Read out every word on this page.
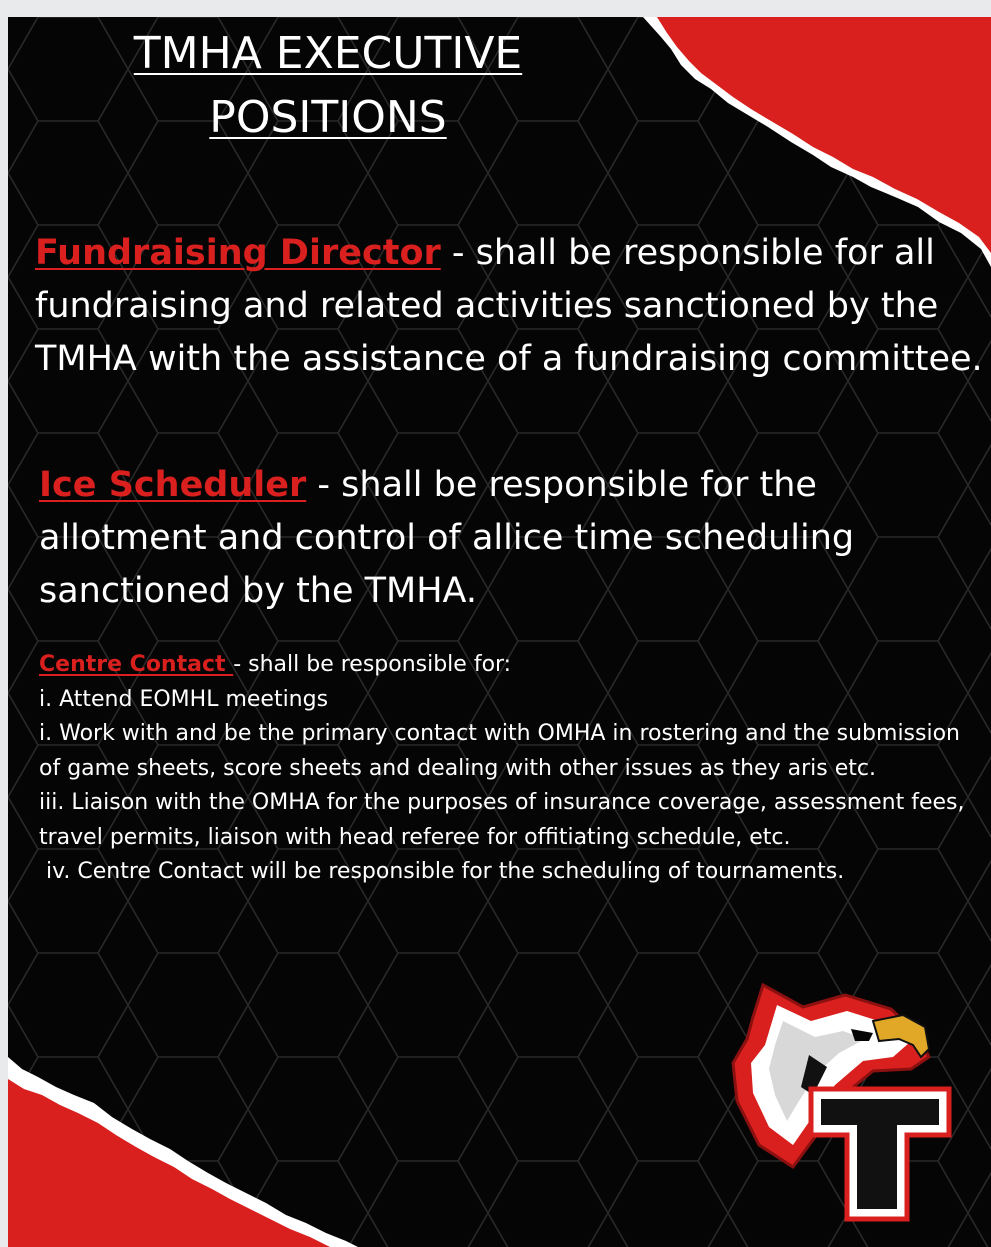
TMHA EXECUTIVE
POSITIONS

Fundraising Director - shall be responsible for all fundraising and related activities sanctioned by the TMHA with the assistance of a fundraising committee.

Ice Scheduler - shall be responsible for the allotment and control of allice time scheduling sanctioned by the TMHA.

Centre Contact - shall be responsible for:
i. Attend EOMHL meetings
i. Work with and be the primary contact with OMHA in rostering and the submission of game sheets, score sheets and dealing with other issues as they aris etc.
iii. Liaison with the OMHA for the purposes of insurance coverage, assessment fees, travel permits, liaison with head referee for offitiating schedule, etc.
iv. Centre Contact will be responsible for the scheduling of tournaments.
